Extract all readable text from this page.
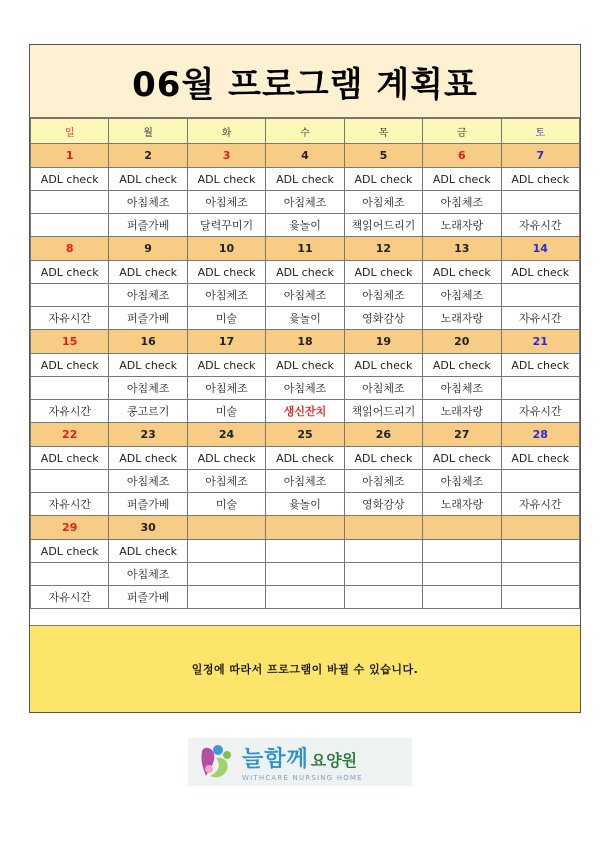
06월 프로그램 계획표
일	월	화	수	목	금	토
1	2	3	4	5	6	7
ADL check	ADL check	ADL check	ADL check	ADL check	ADL check	ADL check
	아침체조	아침체조	아침체조	아침체조	아침체조	
	퍼즐가베	달력꾸미기	윷놀이	책읽어드리기	노래자랑	자유시간
8	9	10	11	12	13	14
ADL check	ADL check	ADL check	ADL check	ADL check	ADL check	ADL check
	아침체조	아침체조	아침체조	아침체조	아침체조	
자유시간	퍼즐가베	미술	윷놀이	영화감상	노래자랑	자유시간
15	16	17	18	19	20	21
ADL check	ADL check	ADL check	ADL check	ADL check	ADL check	ADL check
	아침체조	아침체조	아침체조	아침체조	아침체조	
자유시간	콩고르기	미술	생신잔치	책읽어드리기	노래자랑	자유시간
22	23	24	25	26	27	28
ADL check	ADL check	ADL check	ADL check	ADL check	ADL check	ADL check
	아침체조	아침체조	아침체조	아침체조	아침체조	
자유시간	퍼즐가베	미술	윷놀이	영화감상	노래자랑	자유시간
29	30					
ADL check	ADL check					
	아침체조					
자유시간	퍼즐가베					
일정에 따라서 프로그램이 바뀔 수 있습니다.
늘함께 요양원
WITHCARE NURSING HOME
